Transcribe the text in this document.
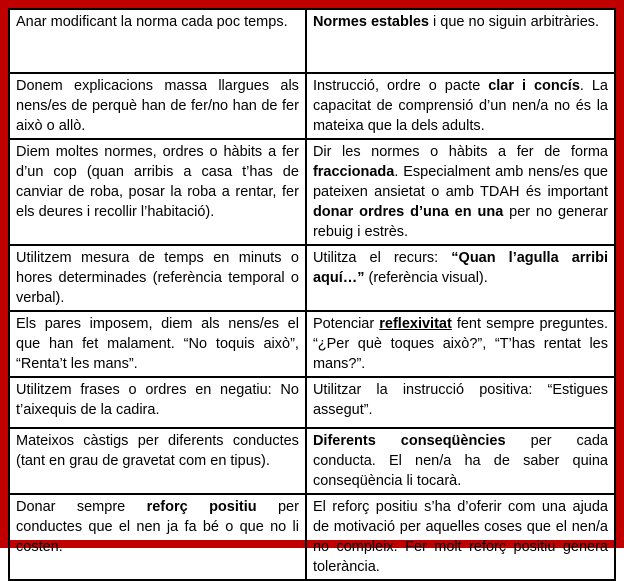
Anar modificant la norma cada poc temps.	Normes estables i que no siguin arbitràries.
Donem explicacions massa llargues als nens/es de perquè han de fer/no han de fer això o allò.	Instrucció, ordre o pacte clar i concís. La capacitat de comprensió d’un nen/a no és la mateixa que la dels adults.
Diem moltes normes, ordres o hàbits a fer d’un cop (quan arribis a casa t’has de canviar de roba, posar la roba a rentar, fer els deures i recollir l’habitació).	Dir les normes o hàbits a fer de forma fraccionada. Especialment amb nens/es que pateixen ansietat o amb TDAH és important donar ordres d’una en una per no generar rebuig i estrès.
Utilitzem mesura de temps en minuts o hores determinades (referència temporal o verbal).	Utilitza el recurs: “Quan l’agulla arribi aquí…” (referència visual).
Els pares imposem, diem als nens/es el que han fet malament. “No toquis això”, “Renta’t les mans”.	Potenciar reflexivitat fent sempre preguntes. “¿Per què toques això?”, “T’has rentat les mans?”.
Utilitzem frases o ordres en negatiu: No t’aixequis de la cadira.	Utilitzar la instrucció positiva: “Estigues assegut”.
Mateixos càstigs per diferents conductes (tant en grau de gravetat com en tipus).	Diferents conseqüències per cada conducta. El nen/a ha de saber quina conseqüència li tocarà.
Donar sempre reforç positiu per conductes que el nen ja fa bé o que no li costen.	El reforç positiu s’ha d’oferir com una ajuda de motivació per aquelles coses que el nen/a no compleix. Fer molt reforç positiu genera tolerància.
